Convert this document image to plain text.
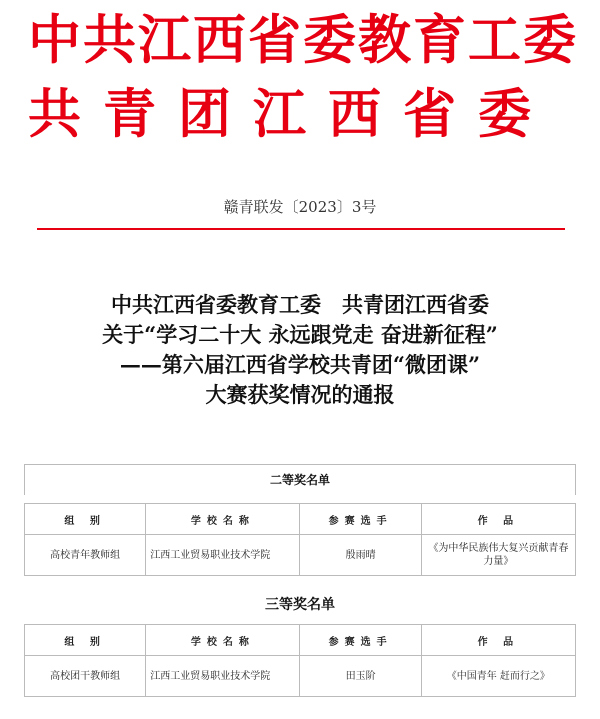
中共江西省委教育工委
共青团江西省委
赣青联发〔2023〕3号
中共江西省委教育工委　共青团江西省委
关于“学习二十大 永远跟党走 奋进新征程”
——第六届江西省学校共青团“微团课”
大赛获奖情况的通报
二等奖名单
组 别	学校名称	参赛选手	作 品
高校青年教师组	江西工业贸易职业技术学院	殷雨晴	《为中华民族伟大复兴贡献青春力量》
三等奖名单
组 别	学校名称	参赛选手	作 品
高校团干教师组	江西工业贸易职业技术学院	田玉阶	《中国青年 赶而行之》
